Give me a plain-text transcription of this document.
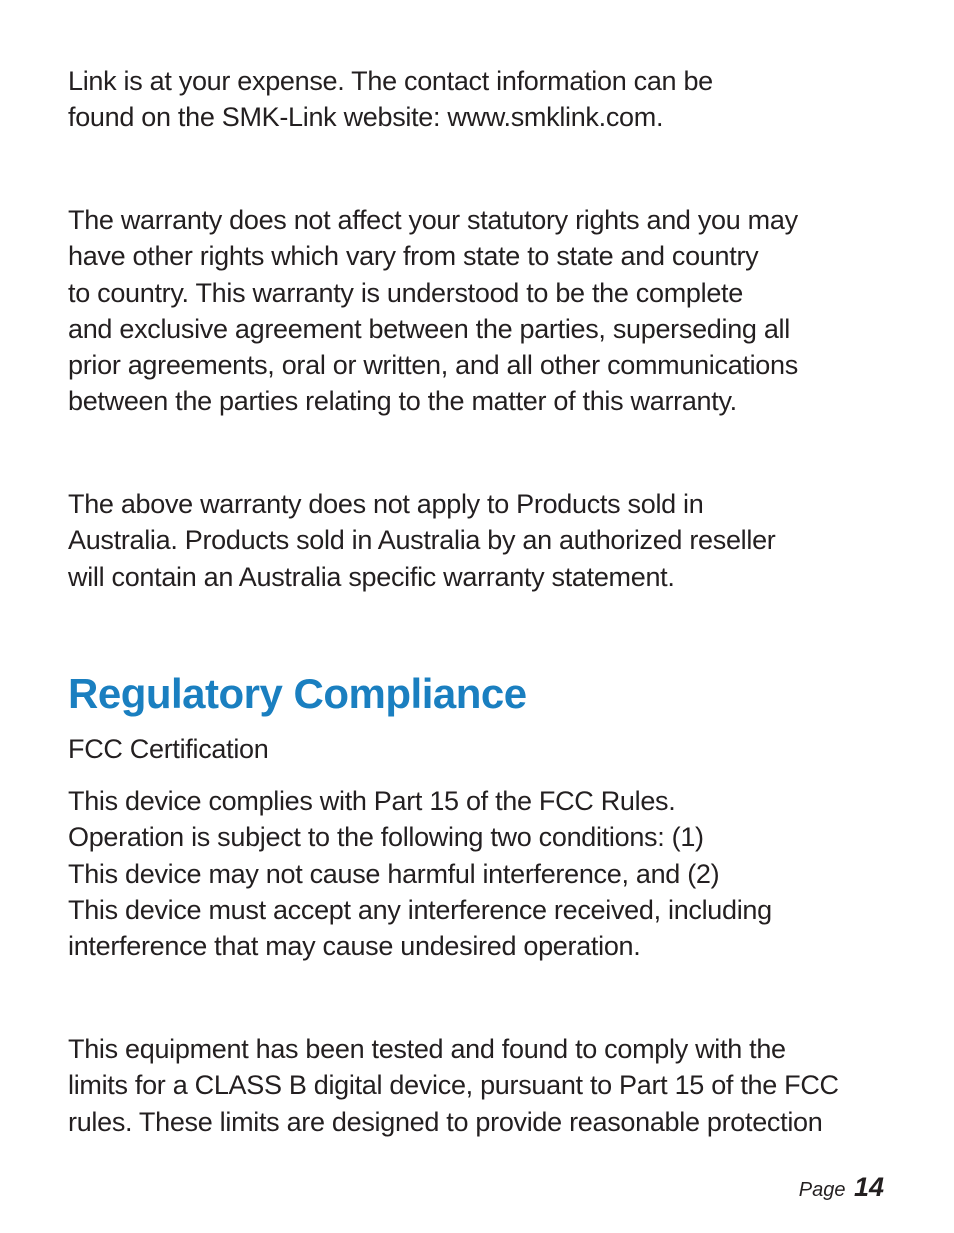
Link is at your expense. The contact information can be
found on the SMK-Link website: www.smklink.com.
The warranty does not affect your statutory rights and you may
have other rights which vary from state to state and country
to country. This warranty is understood to be the complete
and exclusive agreement between the parties, superseding all
prior agreements, oral or written, and all other communications
between the parties relating to the matter of this warranty.
The above warranty does not apply to Products sold in
Australia. Products sold in Australia by an authorized reseller
will contain an Australia specific warranty statement.
Regulatory Compliance
FCC Certification
This device complies with Part 15 of the FCC Rules.
Operation is subject to the following two conditions: (1)
This device may not cause harmful interference, and (2)
This device must accept any interference received, including
interference that may cause undesired operation.
This equipment has been tested and found to comply with the
limits for a CLASS B digital device, pursuant to Part 15 of the FCC
rules. These limits are designed to provide reasonable protection
Page 14
